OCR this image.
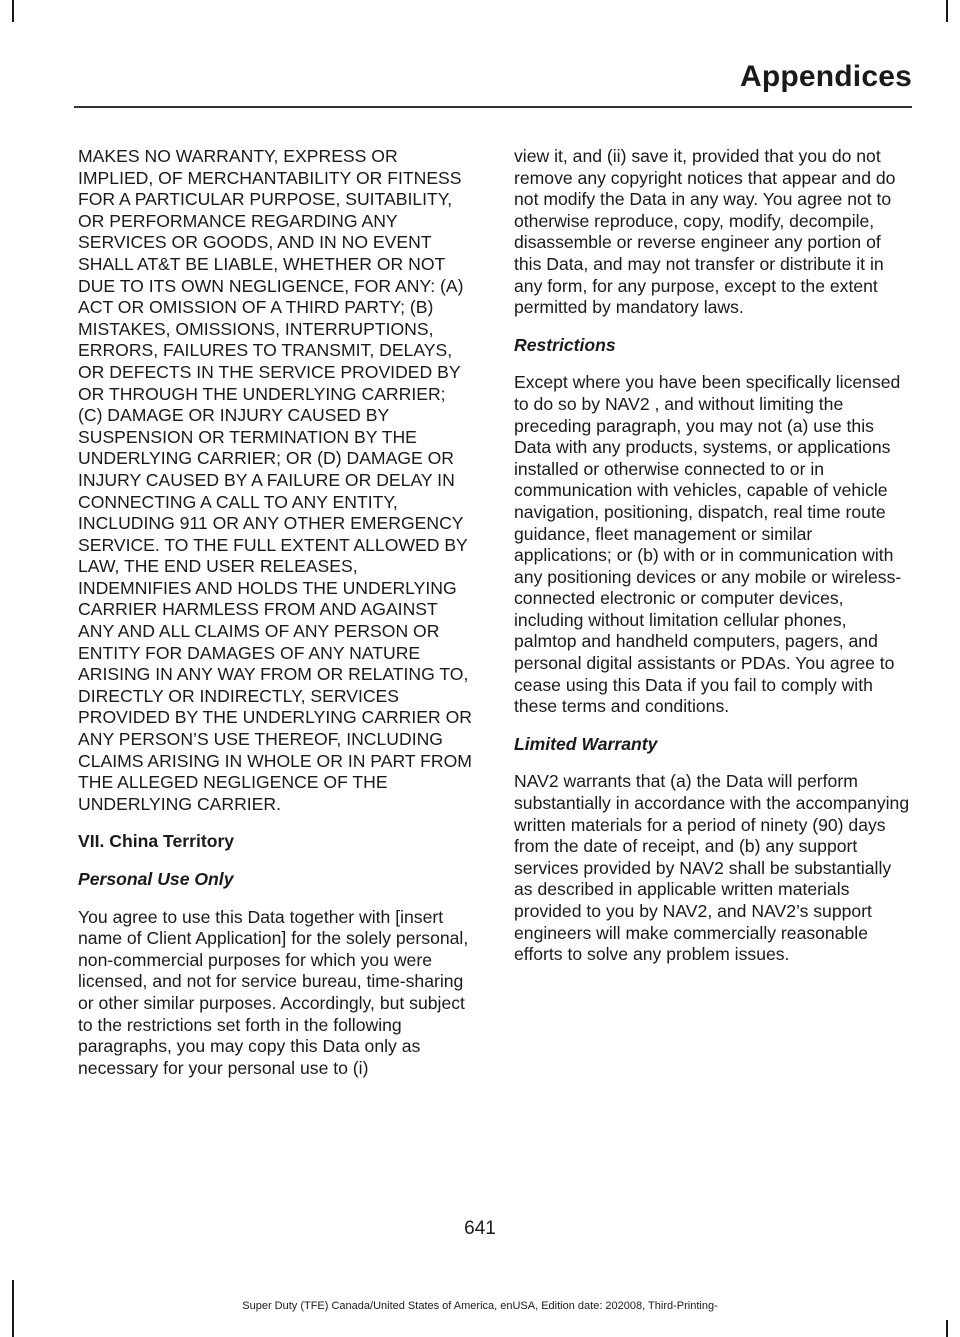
Appendices

MAKES NO WARRANTY, EXPRESS OR IMPLIED, OF MERCHANTABILITY OR FITNESS FOR A PARTICULAR PURPOSE, SUITABILITY, OR PERFORMANCE REGARDING ANY SERVICES OR GOODS, AND IN NO EVENT SHALL AT&T BE LIABLE, WHETHER OR NOT DUE TO ITS OWN NEGLIGENCE, FOR ANY: (A) ACT OR OMISSION OF A THIRD PARTY; (B) MISTAKES, OMISSIONS, INTERRUPTIONS, ERRORS, FAILURES TO TRANSMIT, DELAYS, OR DEFECTS IN THE SERVICE PROVIDED BY OR THROUGH THE UNDERLYING CARRIER; (C) DAMAGE OR INJURY CAUSED BY SUSPENSION OR TERMINATION BY THE UNDERLYING CARRIER; OR (D) DAMAGE OR INJURY CAUSED BY A FAILURE OR DELAY IN CONNECTING A CALL TO ANY ENTITY, INCLUDING 911 OR ANY OTHER EMERGENCY SERVICE. TO THE FULL EXTENT ALLOWED BY LAW, THE END USER RELEASES, INDEMNIFIES AND HOLDS THE UNDERLYING CARRIER HARMLESS FROM AND AGAINST ANY AND ALL CLAIMS OF ANY PERSON OR ENTITY FOR DAMAGES OF ANY NATURE ARISING IN ANY WAY FROM OR RELATING TO, DIRECTLY OR INDIRECTLY, SERVICES PROVIDED BY THE UNDERLYING CARRIER OR ANY PERSON’S USE THEREOF, INCLUDING CLAIMS ARISING IN WHOLE OR IN PART FROM THE ALLEGED NEGLIGENCE OF THE UNDERLYING CARRIER.

VII. China Territory
Personal Use Only

You agree to use this Data together with [insert name of Client Application] for the solely personal, non-commercial purposes for which you were licensed, and not for service bureau, time-sharing or other similar purposes. Accordingly, but subject to the restrictions set forth in the following paragraphs, you may copy this Data only as necessary for your personal use to (i)

view it, and (ii) save it, provided that you do not remove any copyright notices that appear and do not modify the Data in any way. You agree not to otherwise reproduce, copy, modify, decompile, disassemble or reverse engineer any portion of this Data, and may not transfer or distribute it in any form, for any purpose, except to the extent permitted by mandatory laws.

Restrictions

Except where you have been specifically licensed to do so by NAV2 , and without limiting the preceding paragraph, you may not (a) use this Data with any products, systems, or applications installed or otherwise connected to or in communication with vehicles, capable of vehicle navigation, positioning, dispatch, real time route guidance, fleet management or similar applications; or (b) with or in communication with any positioning devices or any mobile or wireless-connected electronic or computer devices, including without limitation cellular phones, palmtop and handheld computers, pagers, and personal digital assistants or PDAs. You agree to cease using this Data if you fail to comply with these terms and conditions.

Limited Warranty

NAV2 warrants that (a) the Data will perform substantially in accordance with the accompanying written materials for a period of ninety (90) days from the date of receipt, and (b) any support services provided by NAV2 shall be substantially as described in applicable written materials provided to you by NAV2, and NAV2’s support engineers will make commercially reasonable efforts to solve any problem issues.

641
Super Duty (TFE) Canada/United States of America, enUSA, Edition date: 202008, Third-Printing-
